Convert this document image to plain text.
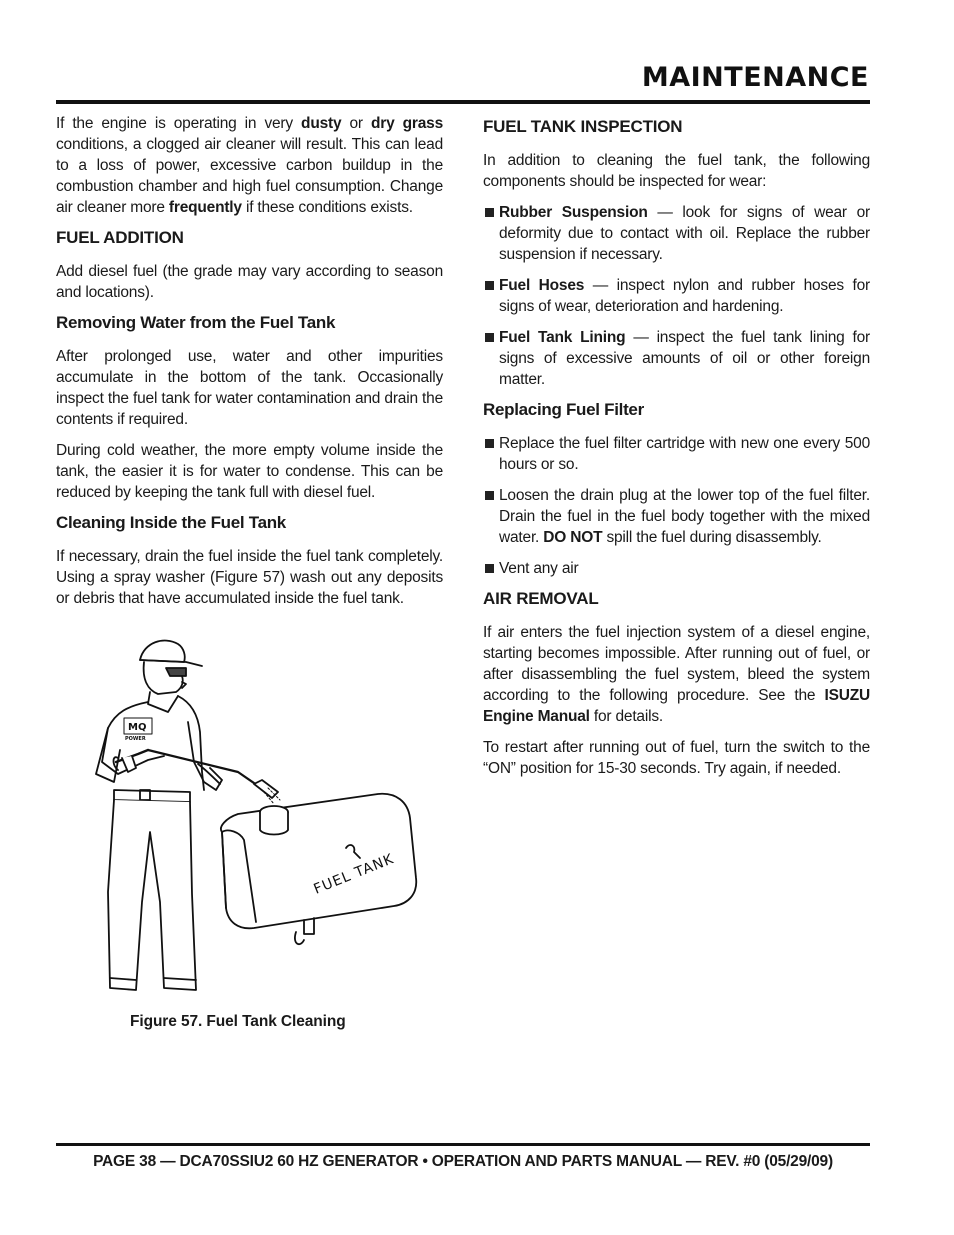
MAINTENANCE

If the engine is operating in very dusty or dry grass conditions, a clogged air cleaner will result. This can lead to a loss of power, excessive carbon buildup in the combustion chamber and high fuel consumption. Change air cleaner more frequently if these conditions exists.

FUEL ADDITION

Add diesel fuel (the grade may vary according to season and locations).

Removing Water from the Fuel Tank

After prolonged use, water and other impurities accumulate in the bottom of the tank. Occasionally inspect the fuel tank for water contamination and drain the contents if required.

During cold weather, the more empty volume inside the tank, the easier it is for water to condense. This can be reduced by keeping the tank full with diesel fuel.

Cleaning Inside the Fuel Tank

If necessary, drain the fuel inside the fuel tank completely. Using a spray washer (Figure 57) wash out any deposits or debris that have accumulated inside the fuel tank.

MQ
POWER
FUEL TANK
Figure 57. Fuel Tank Cleaning
FUEL TANK INSPECTION

In addition to cleaning the fuel tank, the following components should be inspected for wear:

Rubber Suspension — look for signs of wear or deformity due to contact with oil. Replace the rubber suspension if necessary.
Fuel Hoses — inspect nylon and rubber hoses for signs of wear, deterioration and hardening.
Fuel Tank Lining — inspect the fuel tank lining for signs of excessive amounts of oil or other foreign matter.
Replacing Fuel Filter
Replace the fuel filter cartridge with new one every 500 hours or so.
Loosen the drain plug at the lower top of the fuel filter. Drain the fuel in the fuel body together with the mixed water. DO NOT spill the fuel during disassembly.
Vent any air
AIR REMOVAL

If air enters the fuel injection system of a diesel engine, starting becomes impossible. After running out of fuel, or after disassembling the fuel system, bleed the system according to the following procedure. See the ISUZU Engine Manual for details.

To restart after running out of fuel, turn the switch to the “ON” position for 15-30 seconds. Try again, if needed.

PAGE 38 — DCA70SSIU2 60 HZ GENERATOR • OPERATION AND PARTS MANUAL — REV. #0 (05/29/09)
